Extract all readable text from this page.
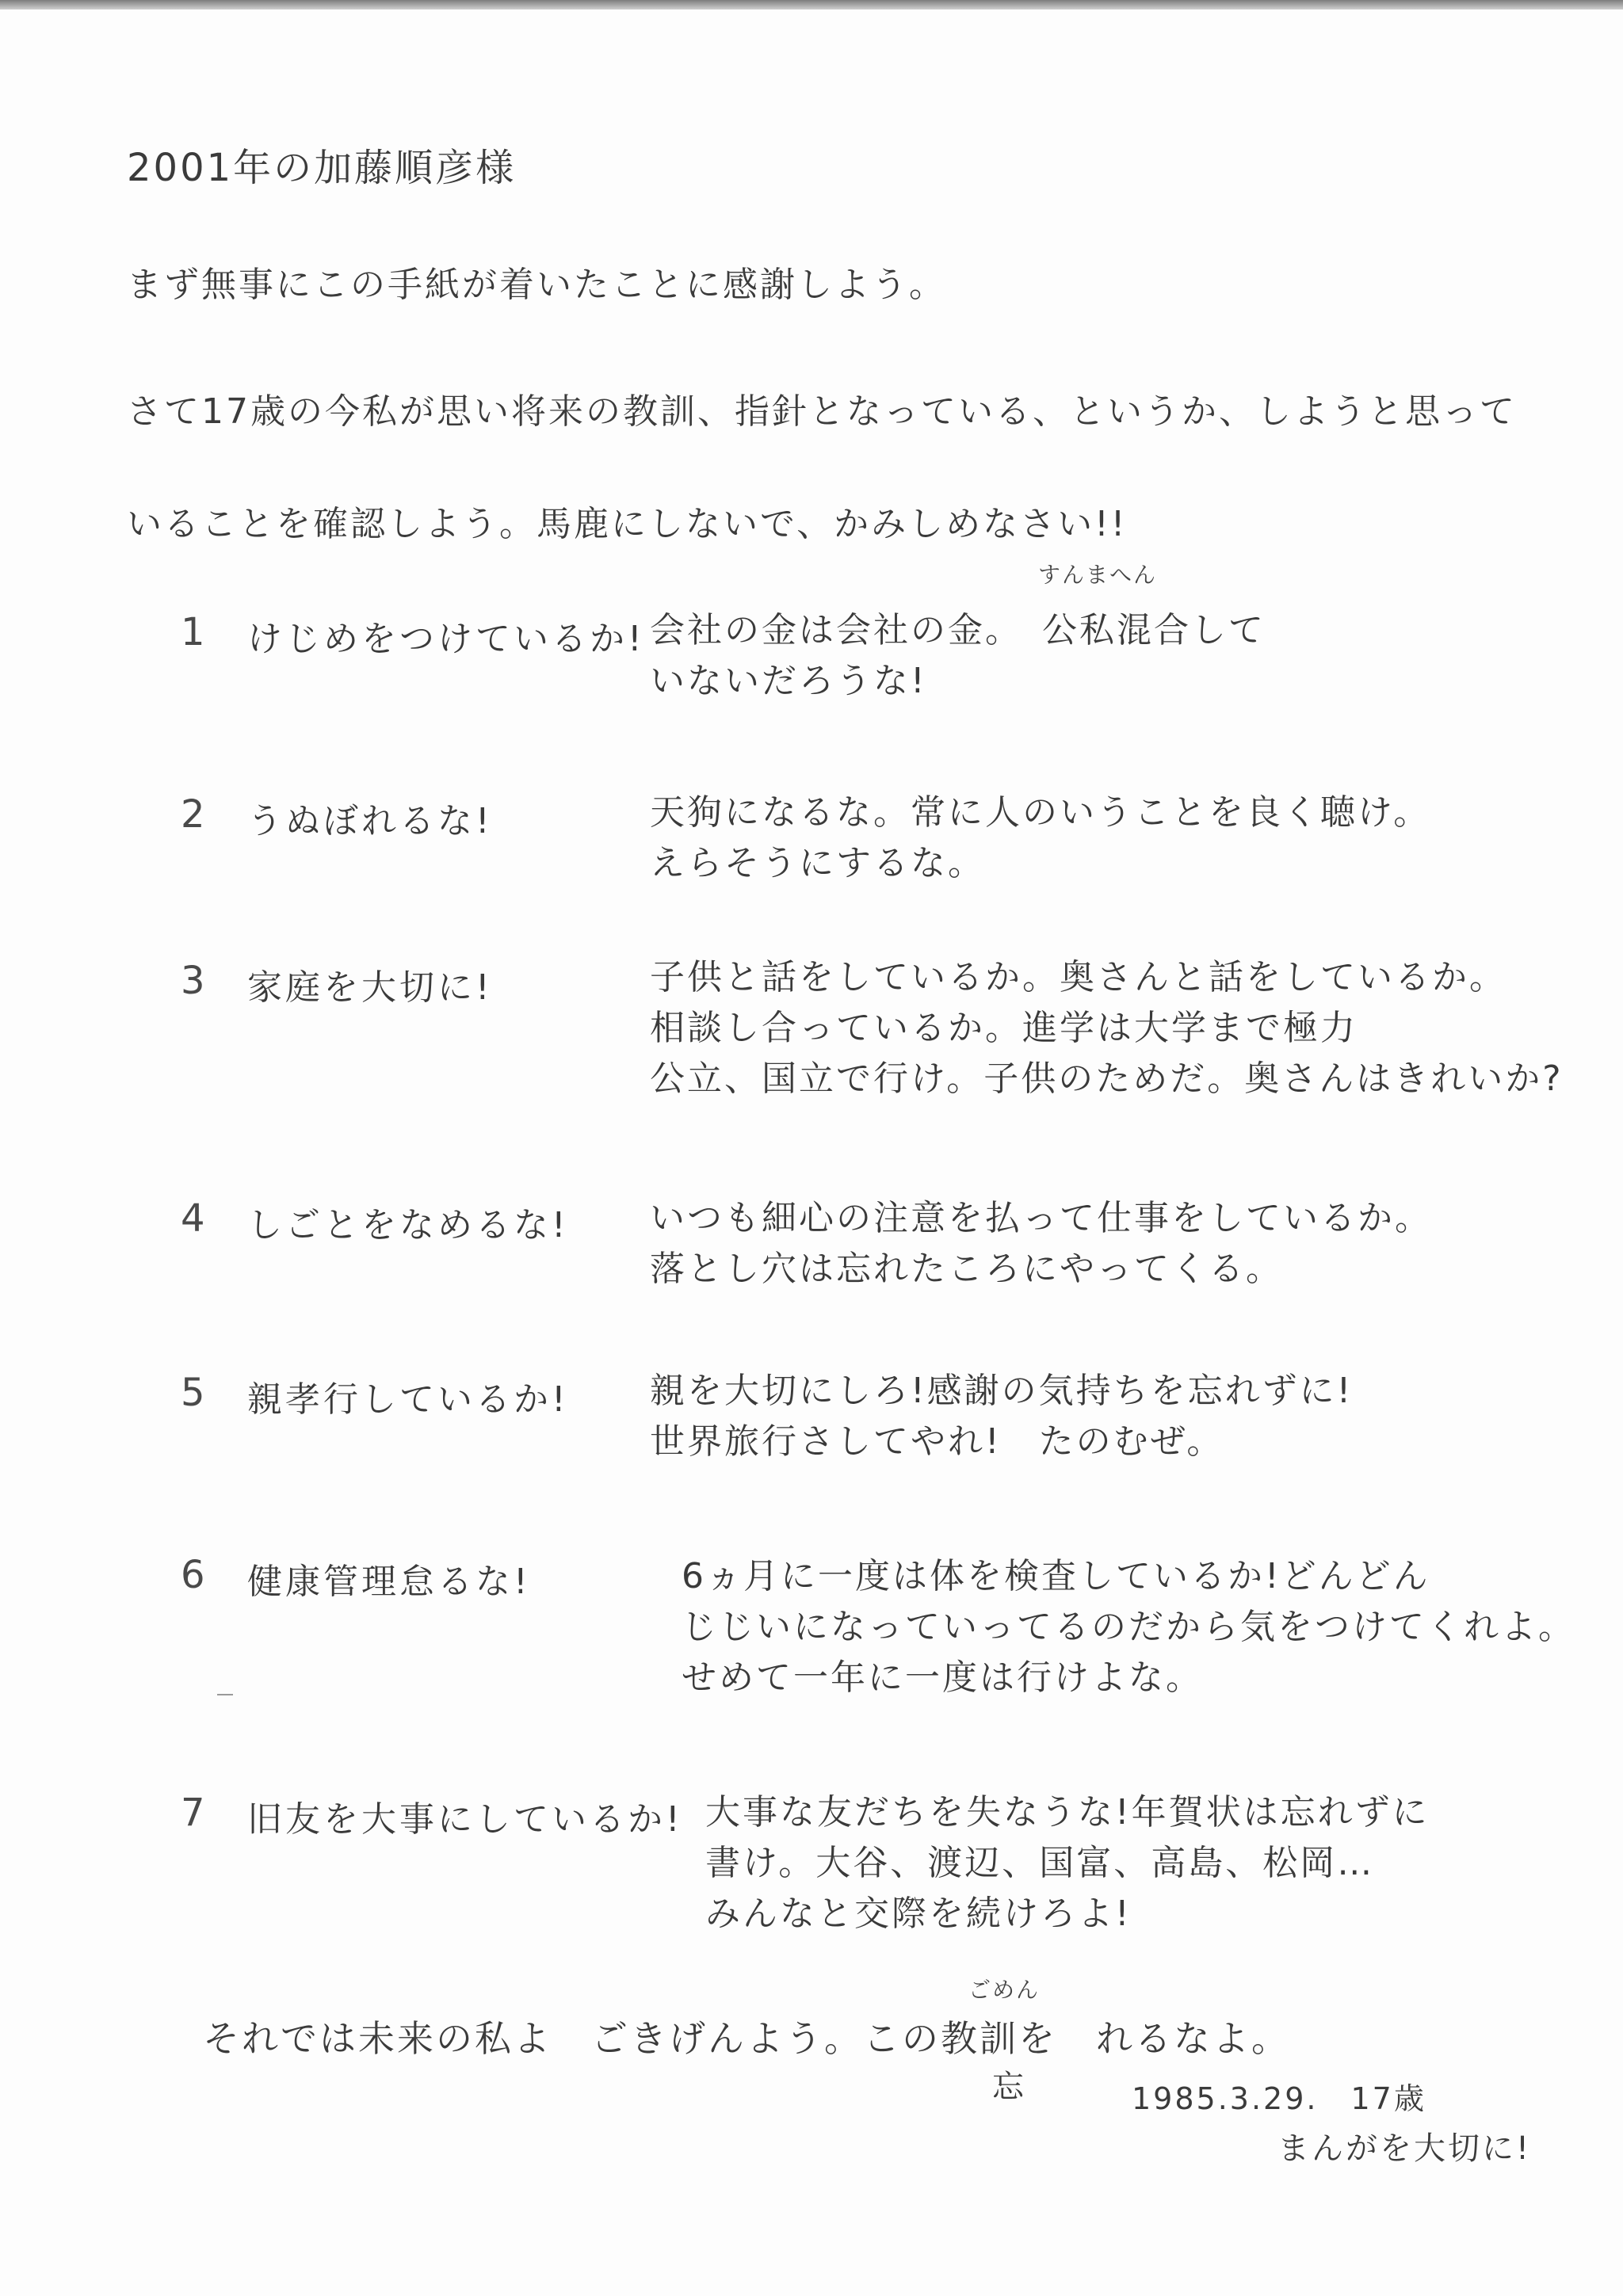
2001年の加藤順彦様
まず無事にこの手紙が着いたことに感謝しよう。
さて17歳の今私が思い将来の教訓、指針となっている、というか、しようと思って
いることを確認しよう。馬鹿にしないで、かみしめなさい!!
1 けじめをつけているか!
すんまへん
会社の金は会社の金。　公私混合して
いないだろうな!
2 うぬぼれるな!	天狗になるな。常に人のいうことを良く聴け。
えらそうにするな。
3 家庭を大切に!	子供と話をしているか。奥さんと話をしているか。
相談し合っているか。進学は大学まで極力
公立、国立で行け。子供のためだ。奥さんはきれいか?
4 しごとをなめるな! いつも細心の注意を払って仕事をしているか。
落とし穴は忘れたころにやってくる。
5 親孝行しているか! 親を大切にしろ!感謝の気持ちを忘れずに!
世界旅行さしてやれ!　たのむぜ。
6 健康管理怠るな!	6ヵ月に一度は体を検査しているか!どんどん
じじいになっていってるのだから気をつけてくれよ。
せめて一年に一度は行けよな。
7 旧友を大事にしているか! 大事な友だちを失なうな!年賀状は忘れずに
書け。大谷、渡辺、国富、高島、松岡…
みんなと交際を続けろよ!
ごめん
それでは未来の私よ　ごきげんよう。この教訓を　れるなよ。
忘	1985.3.29.　17歳
まんがを大切に!
